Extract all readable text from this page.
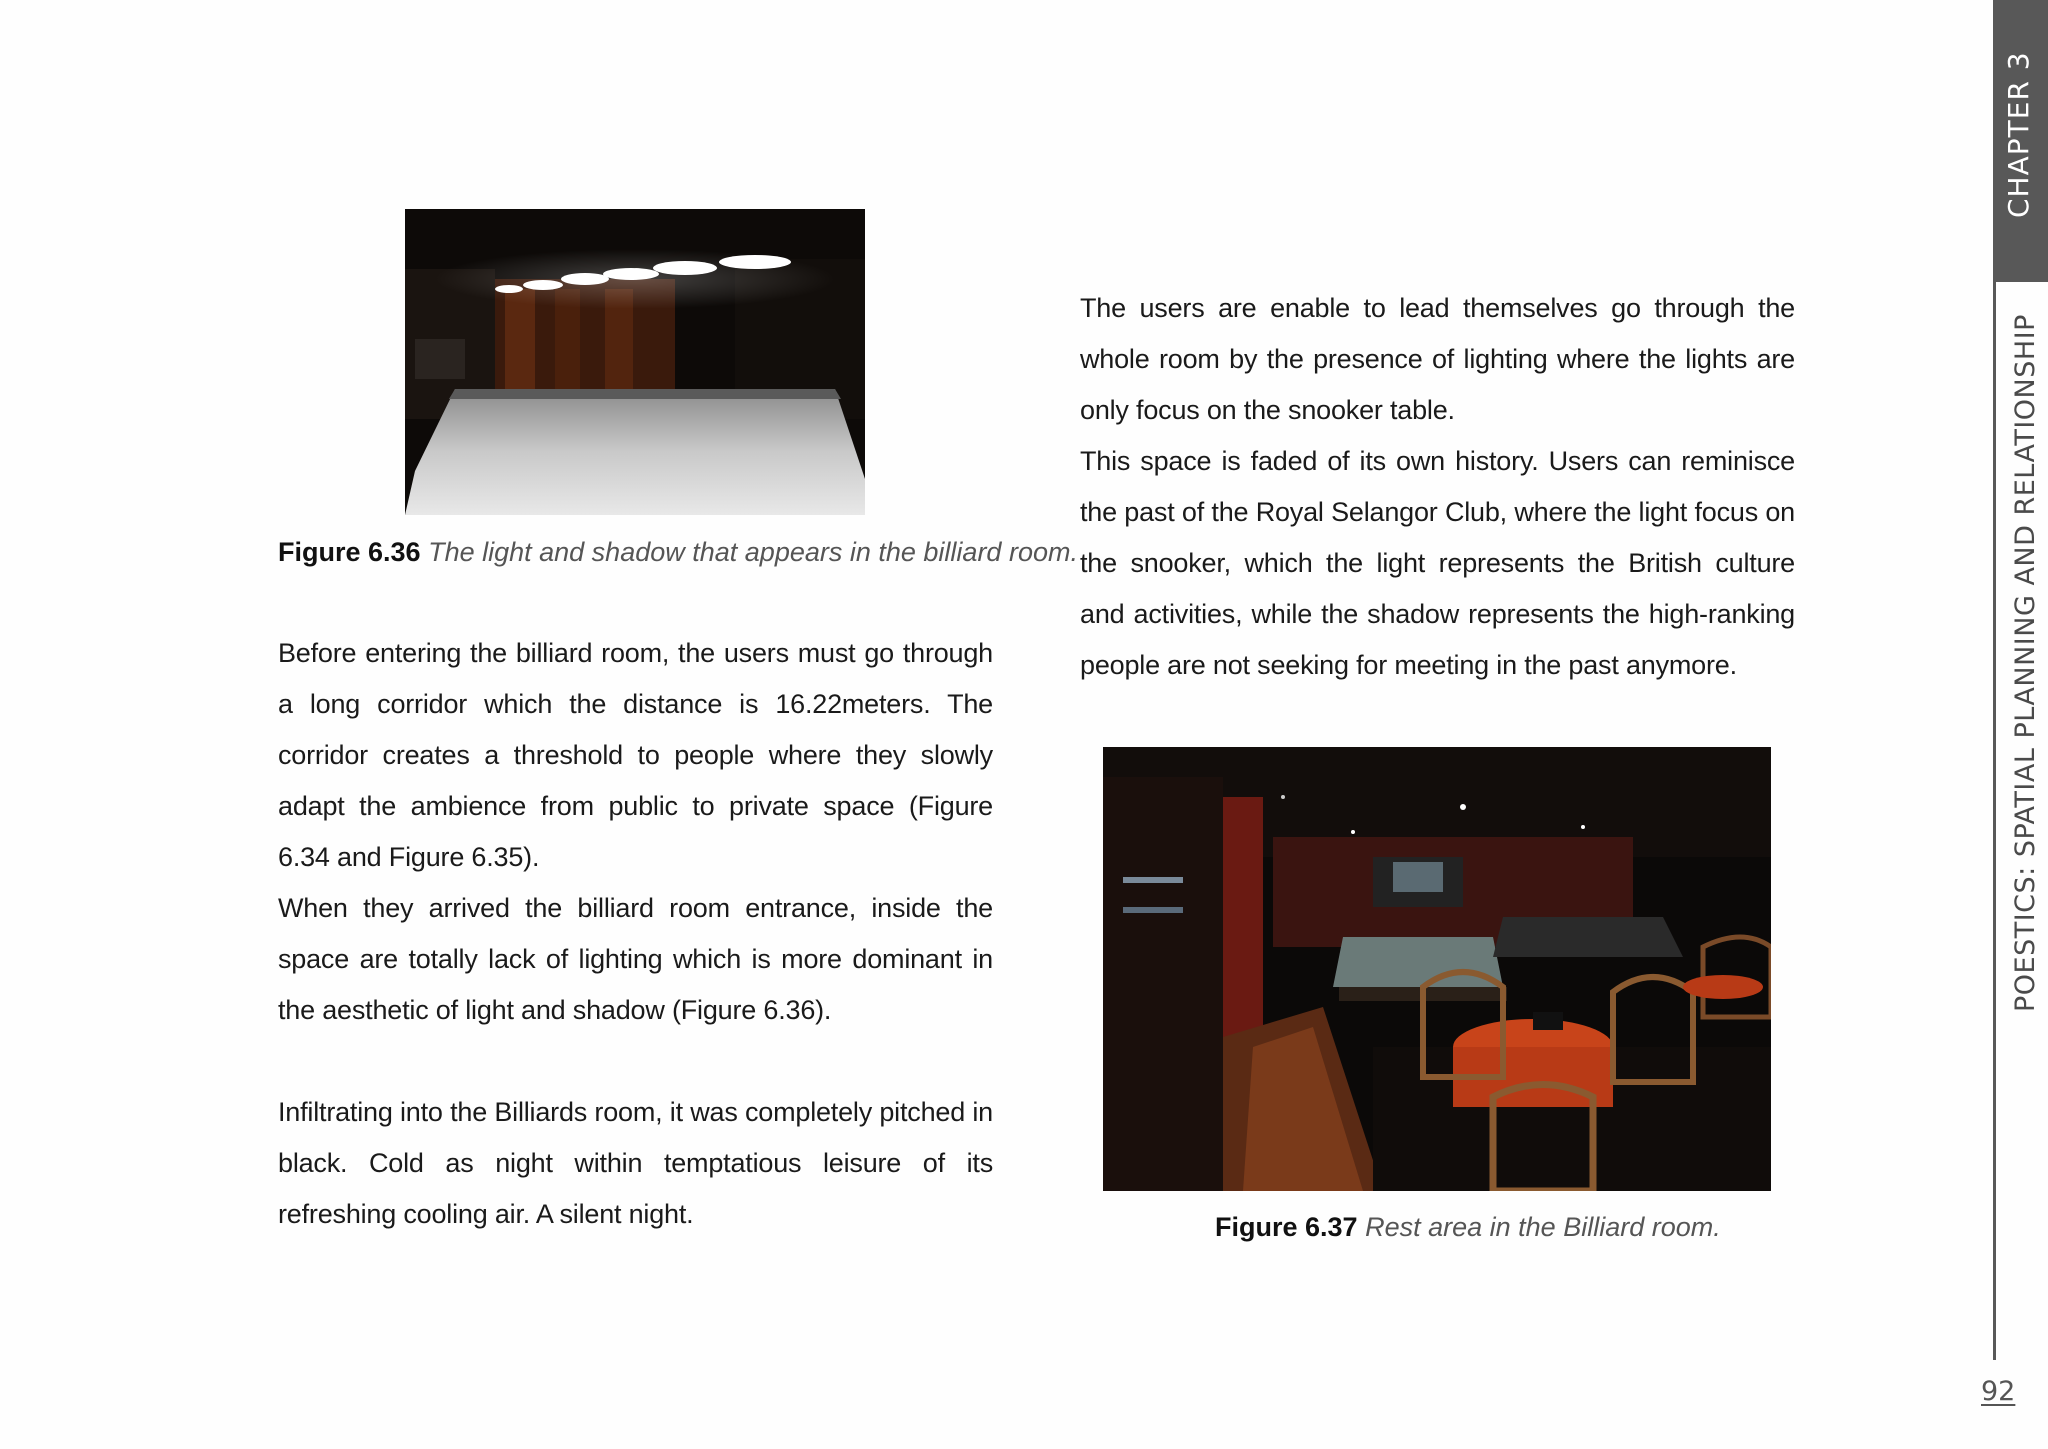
Figure 6.36 The light and shadow that appears in the billiard room.
Before entering the billiard room, the users must go through a long corridor which the distance is 16.22meters. The corridor creates a threshold to people where they slowly adapt the ambience from public to private space (Figure 6.34 and Figure 6.35).
When they arrived the billiard room entrance, inside the space are totally lack of lighting which is more dominant in the aesthetic of light and shadow (Figure 6.36).
Infiltrating into the Billiards room, it was completely pitched in black. Cold as night within temptatious leisure of its refreshing cooling air. A silent night.
The users are enable to lead themselves go through the whole room by the presence of lighting where the lights are only focus on the snooker table.
This space is faded of its own history. Users can reminisce the past of the Royal Selangor Club, where the light focus on the snooker, which the light represents the British culture and activities, while the shadow represents the high-ranking people are not seeking for meeting in the past anymore.
Figure 6.37 Rest area in the Billiard room.
CHAPTER 3
POESTICS: SPATIAL PLANNING AND RELATIONSHIP
92
